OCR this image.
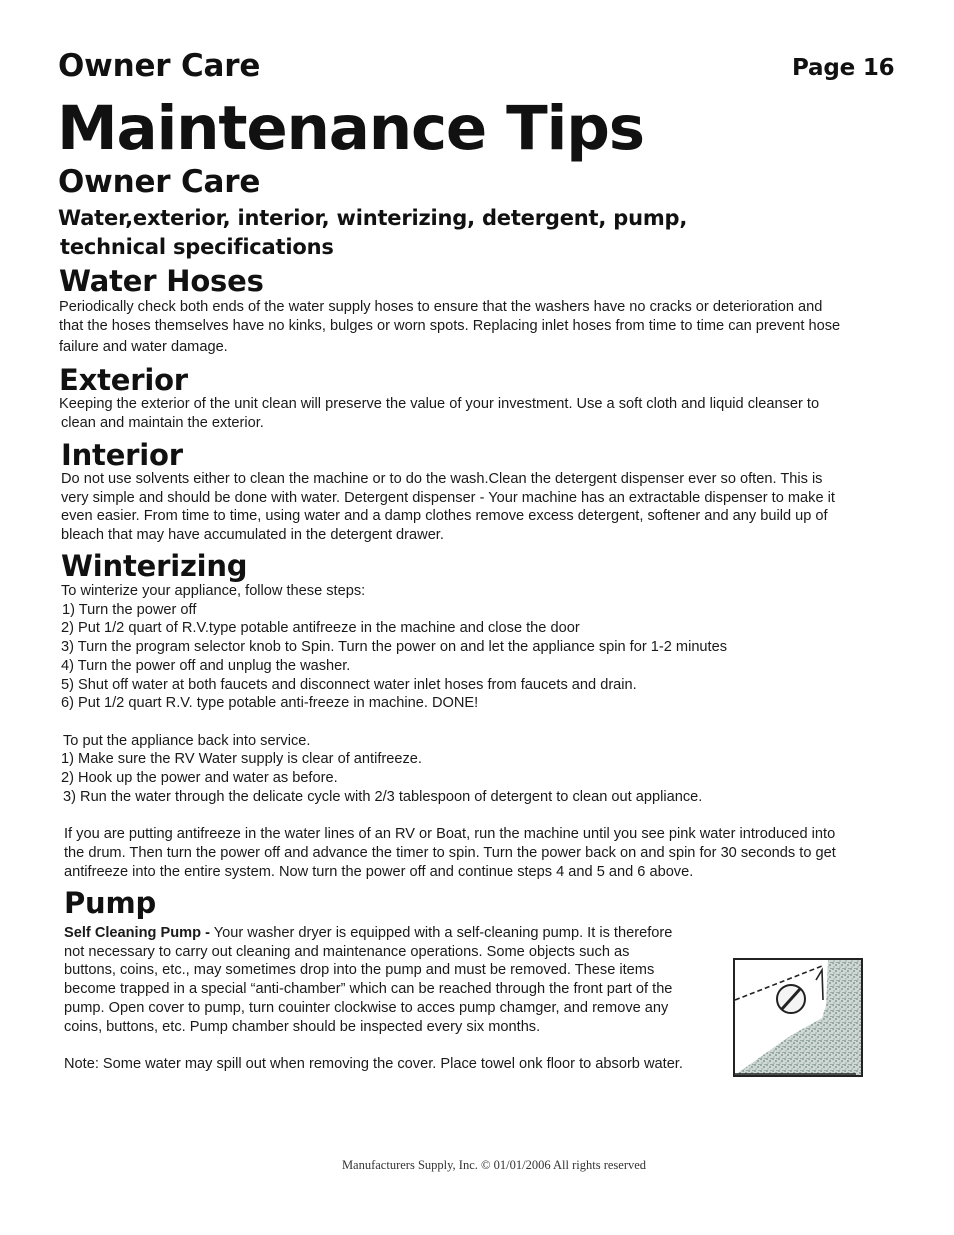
Owner Care	Page 16
Maintenance Tips
Owner Care
Water,exterior, interior, winterizing, detergent, pump,
technical specifications
Water Hoses

Periodically check both ends of the water supply hoses to ensure that the washers have no cracks or deterioration and

that the hoses themselves have no kinks, bulges or worn spots. Replacing inlet hoses from time to time can prevent hose

failure and water damage.

Exterior

Keeping the exterior of the unit clean will preserve the value of your investment. Use a soft cloth and liquid cleanser to

clean and maintain the exterior.

Interior

Do not use solvents either to clean the machine or to do the wash.Clean the detergent dispenser ever so often. This is

very simple and should be done with water. Detergent dispenser - Your machine has an extractable dispenser to make it

even easier. From time to time, using water and a damp clothes remove excess detergent, softener and any build up of

bleach that may have accumulated in the detergent drawer.

Winterizing

To winterize your appliance, follow these steps:

1) Turn the power off

2) Put 1/2 quart of R.V.type potable antifreeze in the machine and close the door

3) Turn the program selector knob to Spin. Turn the power on and let the appliance spin for 1-2 minutes

4) Turn the power off and unplug the washer.

5) Shut off water at both faucets and disconnect water inlet hoses from faucets and drain.

6) Put 1/2 quart R.V. type potable anti-freeze in machine. DONE!

To put the appliance back into service.

1) Make sure the RV Water supply is clear of antifreeze.

2) Hook up the power and water as before.

3) Run the water through the delicate cycle with 2/3 tablespoon of detergent to clean out appliance.

If you are putting antifreeze in the water lines of an RV or Boat, run the machine until you see pink water introduced into

the drum. Then turn the power off and advance the timer to spin. Turn the power back on and spin for 30 seconds to get

antifreeze into the entire system. Now turn the power off and continue steps 4 and 5 and 6 above.

Pump

Self Cleaning Pump - Your washer dryer is equipped with a self-cleaning pump. It is therefore

not necessary to carry out cleaning and maintenance operations. Some objects such as

buttons, coins, etc., may sometimes drop into the pump and must be removed. These items

become trapped in a special “anti-chamber” which can be reached through the front part of the

pump. Open cover to pump, turn couinter clockwise to acces pump chamger, and remove any

coins, buttons, etc. Pump chamber should be inspected every six months.

Note: Some water may spill out when removing the cover. Place towel onk floor to absorb water.

Manufacturers Supply, Inc. © 01/01/2006 All rights reserved
